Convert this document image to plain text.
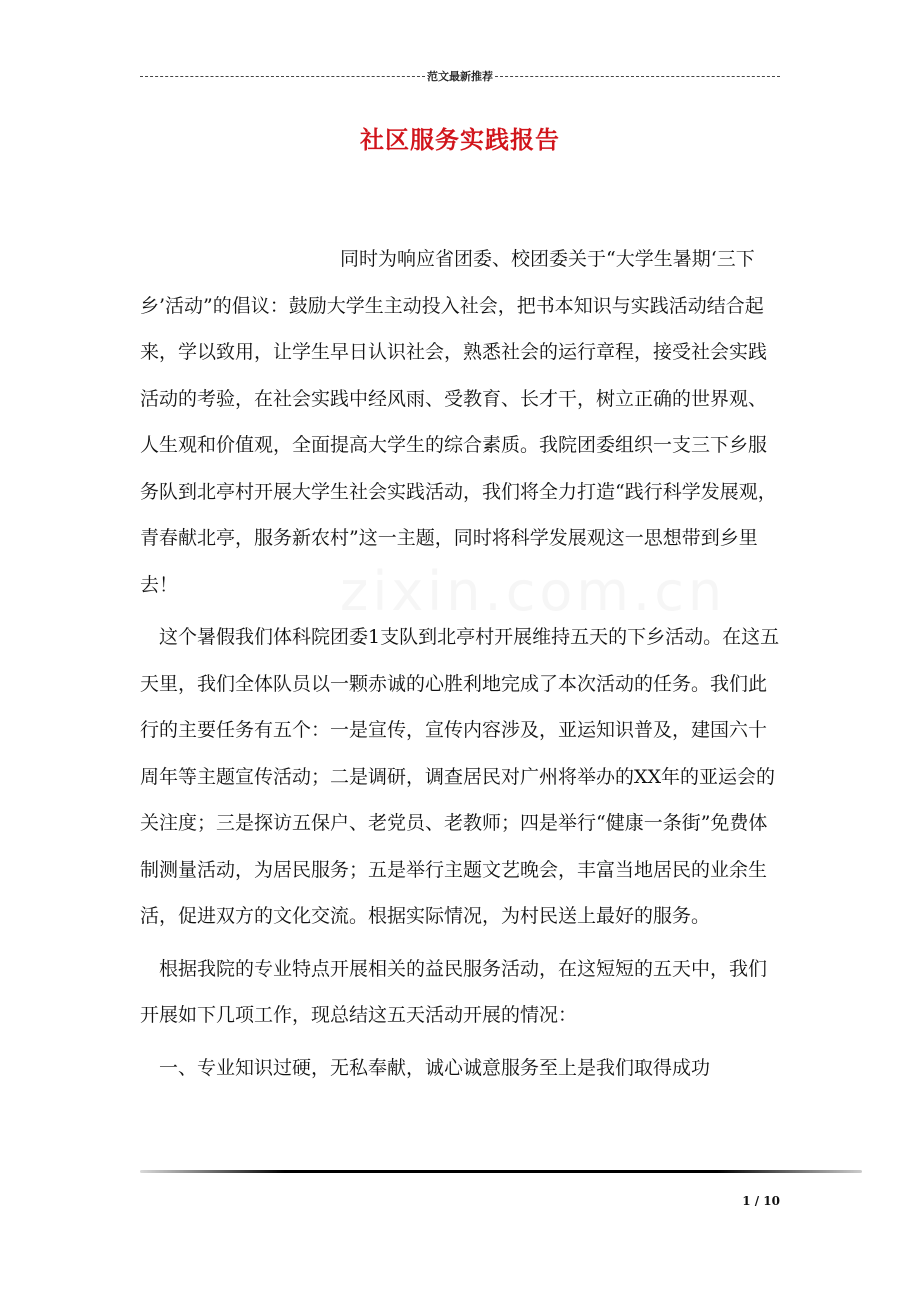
范文最新推荐
社区服务实践报告
zixin.com.cn

同时为响应省团委、校团委关于“大学生暑期‘三下乡’活动”的倡议：鼓励大学生主动投入社会，把书本知识与实践活动结合起来，学以致用，让学生早日认识社会，熟悉社会的运行章程，接受社会实践活动的考验，在社会实践中经风雨、受教育、长才干，树立正确的世界观、人生观和价值观，全面提高大学生的综合素质。我院团委组织一支三下乡服务队到北亭村开展大学生社会实践活动，我们将全力打造“践行科学发展观，青春献北亭，服务新农村”这一主题，同时将科学发展观这一思想带到乡里去！

这个暑假我们体科院团委1支队到北亭村开展维持五天的下乡活动。在这五天里，我们全体队员以一颗赤诚的心胜利地完成了本次活动的任务。我们此行的主要任务有五个：一是宣传，宣传内容涉及，亚运知识普及，建国六十周年等主题宣传活动；二是调研，调查居民对广州将举办的XX年的亚运会的关注度；三是探访五保户、老党员、老教师；四是举行“健康一条街”免费体制测量活动，为居民服务；五是举行主题文艺晚会，丰富当地居民的业余生活，促进双方的文化交流。根据实际情况，为村民送上最好的服务。

根据我院的专业特点开展相关的益民服务活动，在这短短的五天中，我们开展如下几项工作，现总结这五天活动开展的情况：

一、专业知识过硬，无私奉献，诚心诚意服务至上是我们取得成功

1 / 10
